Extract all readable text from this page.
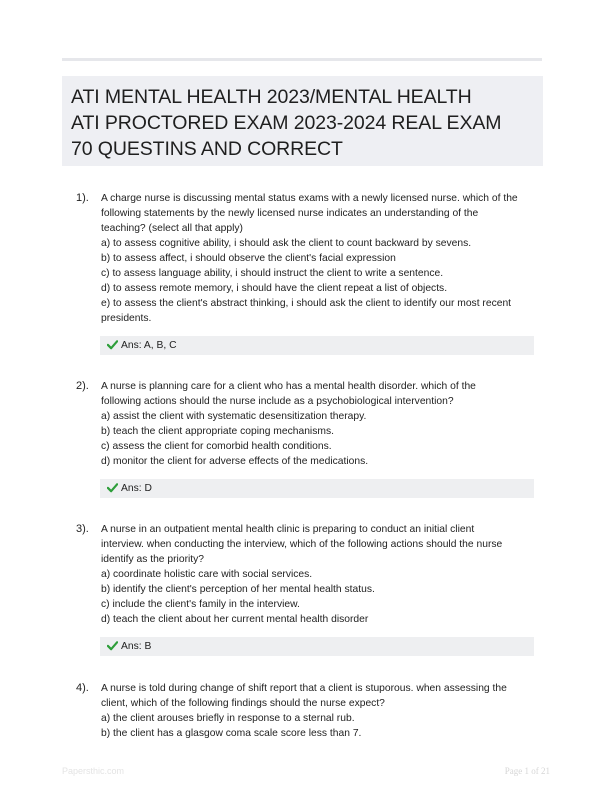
ATI MENTAL HEALTH 2023/MENTAL HEALTH
ATI PROCTORED EXAM 2023-2024 REAL EXAM
70 QUESTINS AND CORRECT
1). A charge nurse is discussing mental status exams with a newly licensed nurse. which of the
following statements by the newly licensed nurse indicates an understanding of the
teaching? (select all that apply)
a) to assess cognitive ability, i should ask the client to count backward by sevens.
b) to assess affect, i should observe the client's facial expression
c) to assess language ability, i should instruct the client to write a sentence.
d) to assess remote memory, i should have the client repeat a list of objects.
e) to assess the client's abstract thinking, i should ask the client to identify our most recent
presidents.
Ans: A, B, C
2). A nurse is planning care for a client who has a mental health disorder. which of the
following actions should the nurse include as a psychobiological intervention?
a) assist the client with systematic desensitization therapy.
b) teach the client appropriate coping mechanisms.
c) assess the client for comorbid health conditions.
d) monitor the client for adverse effects of the medications.
Ans: D
3). A nurse in an outpatient mental health clinic is preparing to conduct an initial client
interview. when conducting the interview, which of the following actions should the nurse
identify as the priority?
a) coordinate holistic care with social services.
b) identify the client's perception of her mental health status.
c) include the client's family in the interview.
d) teach the client about her current mental health disorder
Ans: B
4). A nurse is told during change of shift report that a client is stuporous. when assessing the
client, which of the following findings should the nurse expect?
a) the client arouses briefly in response to a sternal rub.
b) the client has a glasgow coma scale score less than 7.
Papersthic.com	Page 1 of 21
